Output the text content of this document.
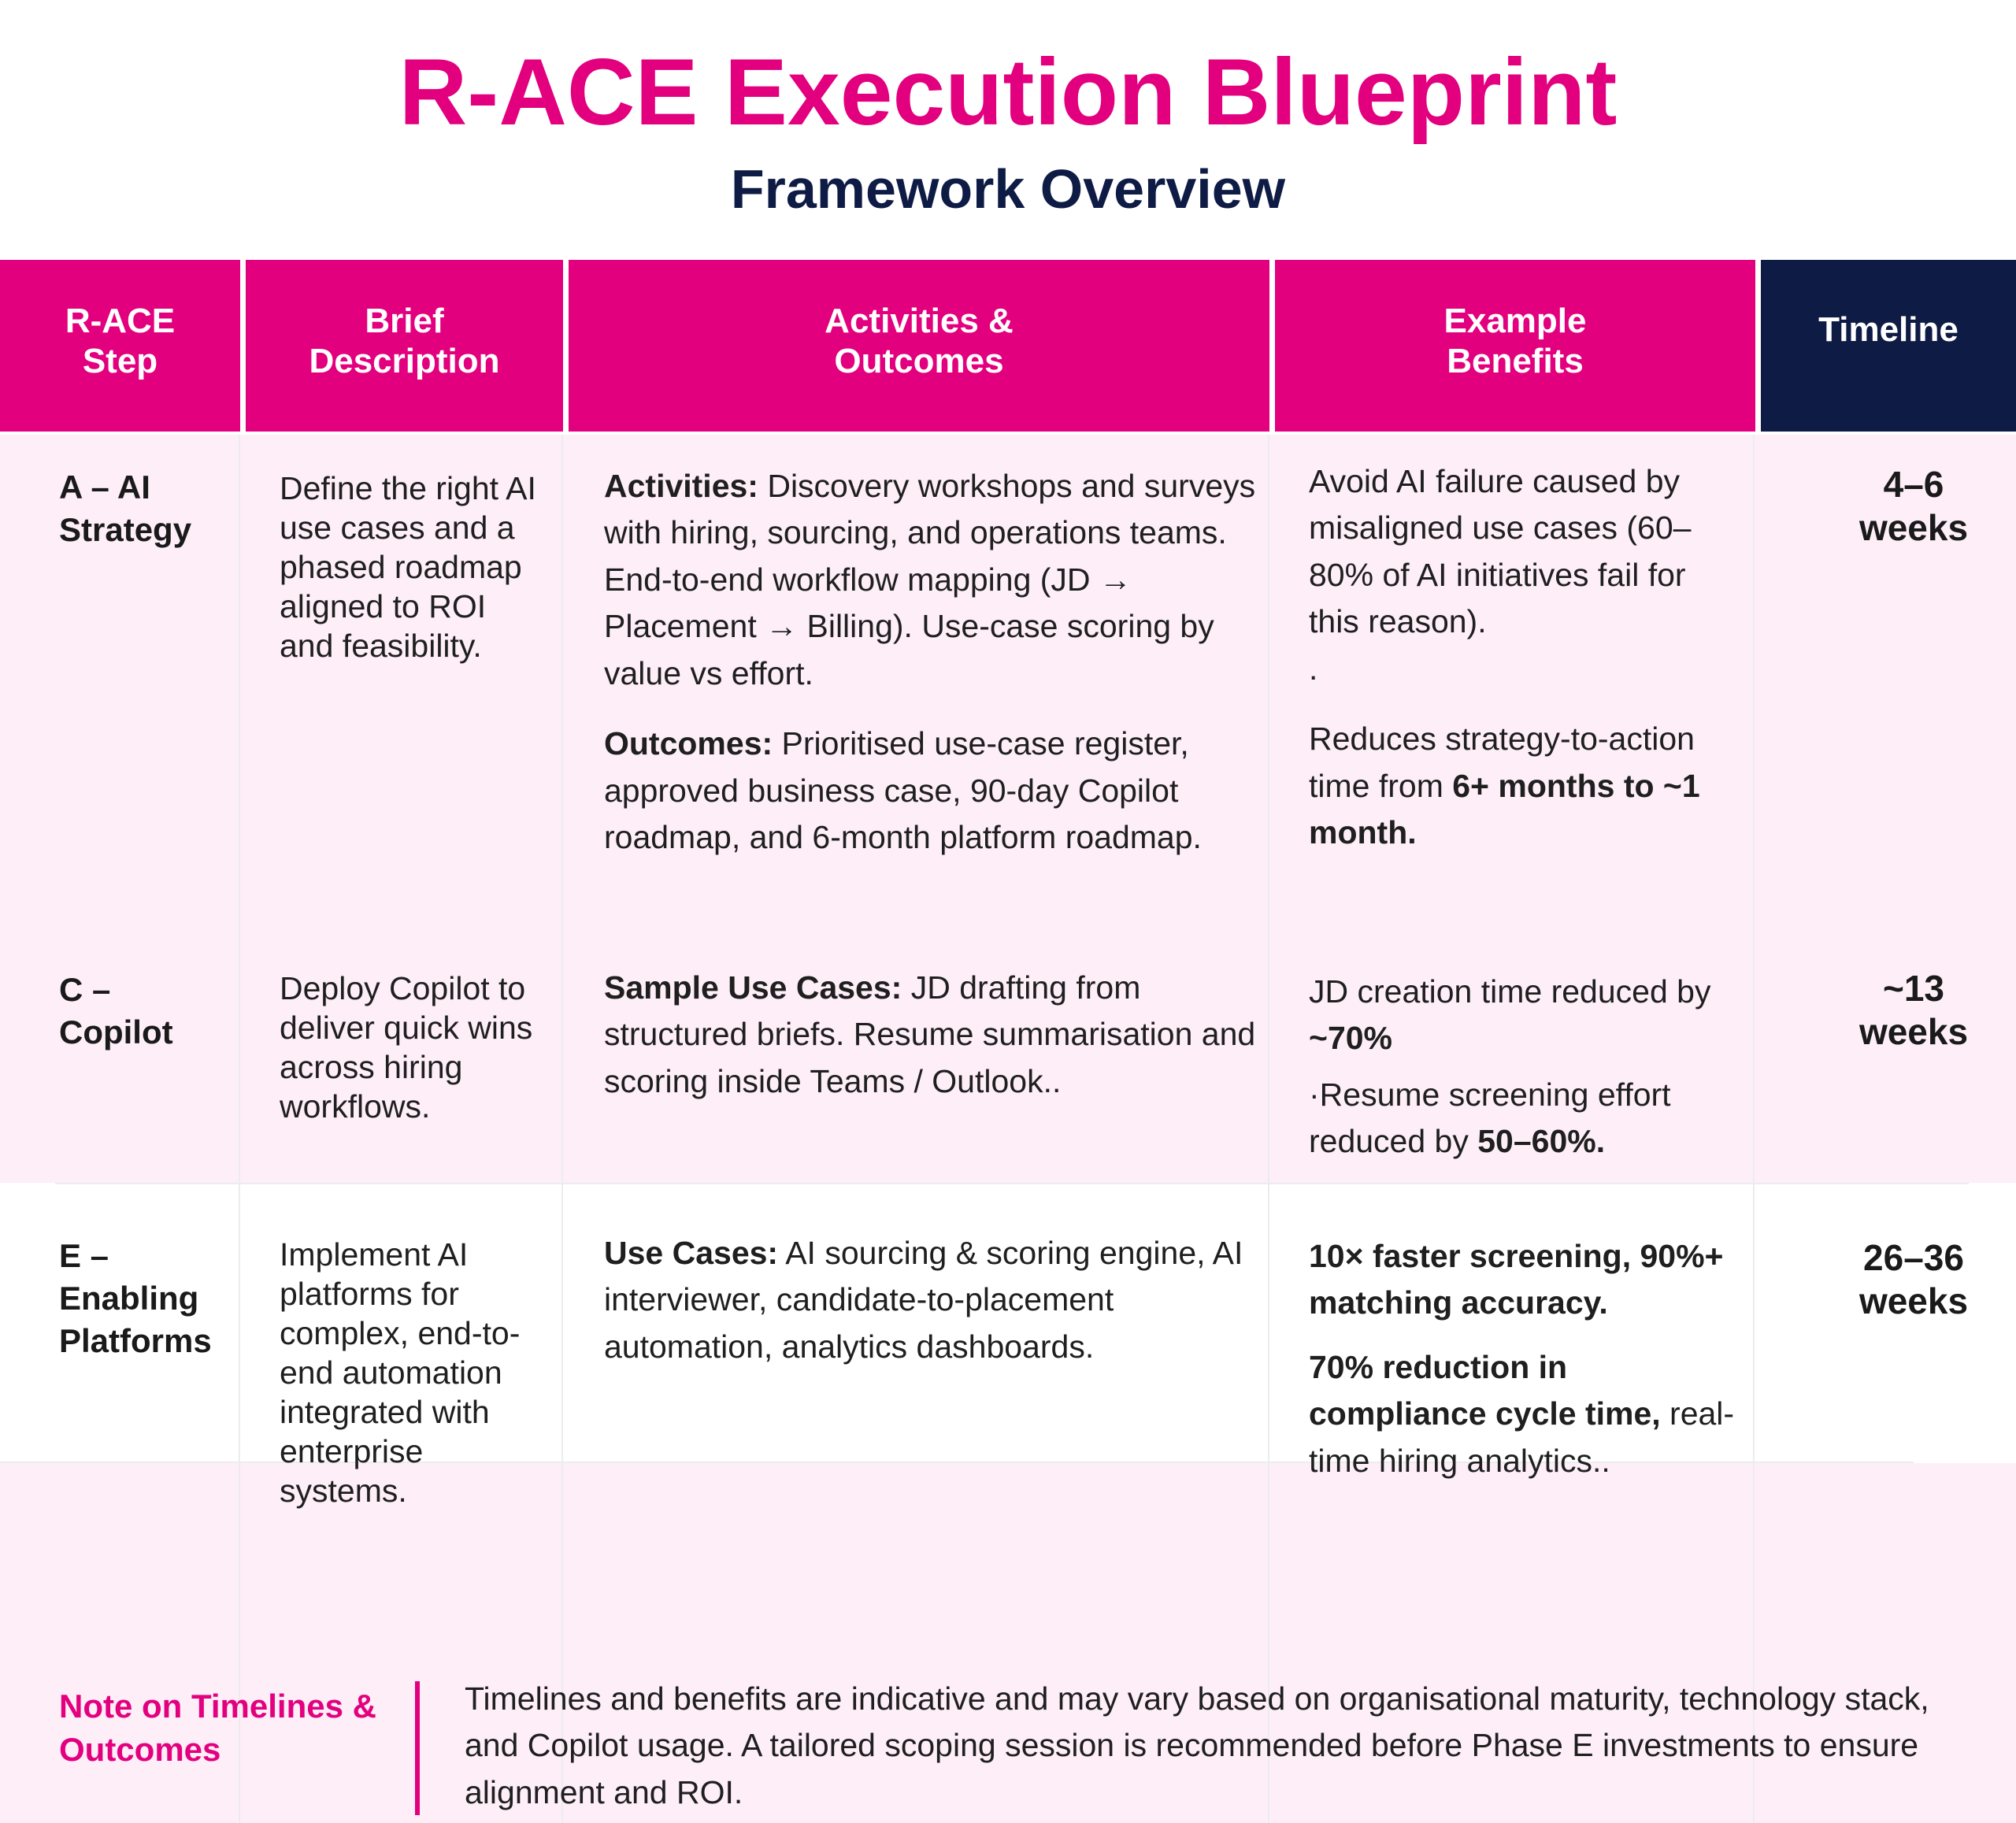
R-ACE Execution Blueprint
Framework Overview
R-ACE Step
Brief Description
Activities & Outcomes
Example Benefits
Timeline
A – AI Strategy
Define the right AI use cases and a phased roadmap aligned to ROI and feasibility.

Activities: Discovery workshops and surveys with hiring, sourcing, and operations teams. End-to-end workflow mapping (JD → Placement → Billing). Use-case scoring by value vs effort.

Outcomes: Prioritised use-case register, approved business case, 90-day Copilot roadmap, and 6-month platform roadmap.

Avoid AI failure caused by misaligned use cases (60–80% of AI initiatives fail for this reason).

.

Reduces strategy-to-action time from 6+ months to ~1 month.

4–6 weeks
C – Copilot
Deploy Copilot to deliver quick wins across hiring workflows.

Sample Use Cases: JD drafting from structured briefs. Resume summarisation and scoring inside Teams / Outlook..

JD creation time reduced by ~70%

·Resume screening effort reduced by 50–60%.

~13 weeks
E – Enabling Platforms
Implement AI platforms for complex, end-to-end automation integrated with enterprise systems.

Use Cases: AI sourcing & scoring engine, AI interviewer, candidate-to-placement automation, analytics dashboards.

10× faster screening, 90%+ matching accuracy.

70% reduction in compliance cycle time, real-time hiring analytics..

26–36 weeks
Note on Timelines & Outcomes
Timelines and benefits are indicative and may vary based on organisational maturity, technology stack, and Copilot usage. A tailored scoping session is recommended before Phase E investments to ensure alignment and ROI.
